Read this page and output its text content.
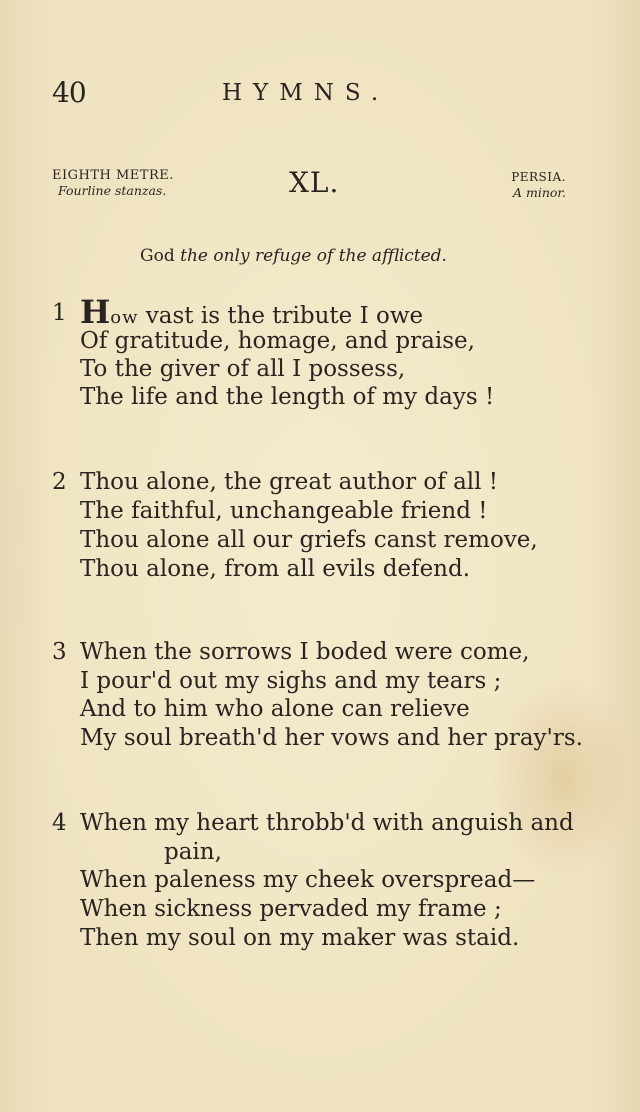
40	HYMNS.
EIGHTH METRE.
Fourline stanzas.	XL.	PERSIA.
A minor.
God the only refuge of the afflicted.
1 How vast is the tribute I owe
Of gratitude, homage, and praise,
To the giver of all I possess,
The life and the length of my days !
2 Thou alone, the great author of all !
The faithful, unchangeable friend !
Thou alone all our griefs canst remove,
Thou alone, from all evils defend.
3 When the sorrows I boded were come,
I pour'd out my sighs and my tears ;
And to him who alone can relieve
My soul breath'd her vows and her pray'rs.
4 When my heart throbb'd with anguish and
pain,
When paleness my cheek overspread—
When sickness pervaded my frame ;
Then my soul on my maker was staid.
